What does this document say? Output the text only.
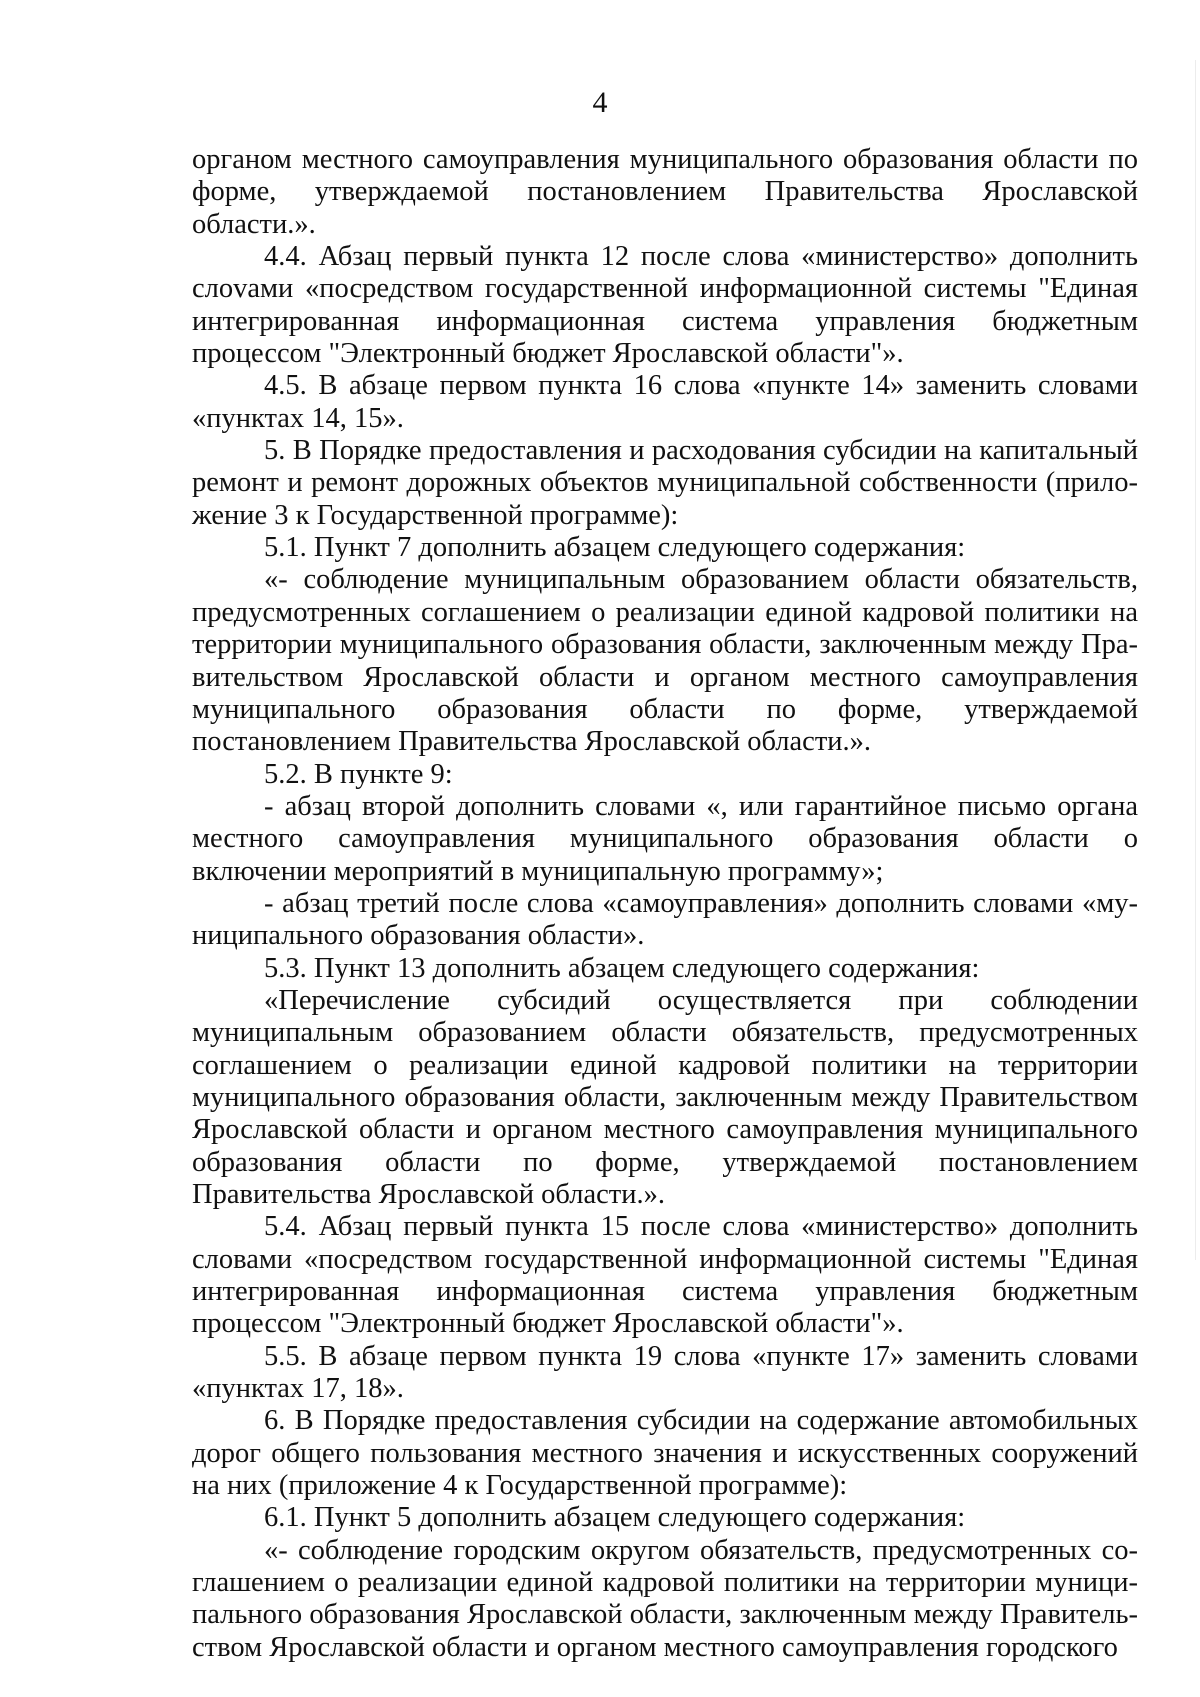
4

органом местного самоуправления муниципального образования области по форме, утверждаемой постановлением Правительства Ярославской области.».

4.4. Абзац первый пункта 12 после слова «министерство» дополнить слоvами «посредством государственной информационной системы "Единая интегрированная информационная система управления бюджетным процессом "Электронный бюджет Ярославской области"».

4.5. В абзаце первом пункта 16 слова «пункте 14» заменить словами «пунктах 14, 15».

5. В Порядке предоставления и расходования субсидии на капитальный ремонт и ремонт дорожных объектов муниципальной собственности (приложение 3 к Государственной программе):

5.1. Пункт 7 дополнить абзацем следующего содержания:

«- соблюдение муниципальным образованием области обязательств, предусмотренных соглашением о реализации единой кадровой политики на территории муниципального образования области, заключенным между Правительством Ярославской области и органом местного самоуправления муниципального образования области по форме, утверждаемой постановлением Правительства Ярославской области.».

5.2. В пункте 9:

- абзац второй дополнить словами «, или гарантийное письмо органа местного самоуправления муниципального образования области о включении мероприятий в муниципальную программу»;

- абзац третий после слова «самоуправления» дополнить словами «муниципального образования области».

5.3. Пункт 13 дополнить абзацем следующего содержания:

«Перечисление субсидий осуществляется при соблюдении муниципальным образованием области обязательств, предусмотренных соглашением о реализации единой кадровой политики на территории муниципального образования области, заключенным между Правительством Ярославской области и органом местного самоуправления муниципального образования области по форме, утверждаемой постановлением Правительства Ярославской области.».

5.4. Абзац первый пункта 15 после слова «министерство» дополнить словами «посредством государственной информационной системы "Единая интегрированная информационная система управления бюджетным процессом "Электронный бюджет Ярославской области"».

5.5. В абзаце первом пункта 19 слова «пункте 17» заменить словами «пунктах 17, 18».

6. В Порядке предоставления субсидии на содержание автомобильных дорог общего пользования местного значения и искусственных сооружений на них (приложение 4 к Государственной программе):

6.1. Пункт 5 дополнить абзацем следующего содержания:

«- соблюдение городским округом обязательств, предусмотренных соглашением о реализации единой кадровой политики на территории муниципального образования Ярославской области, заключенным между Правительством Ярославской области и органом местного самоуправления городского
